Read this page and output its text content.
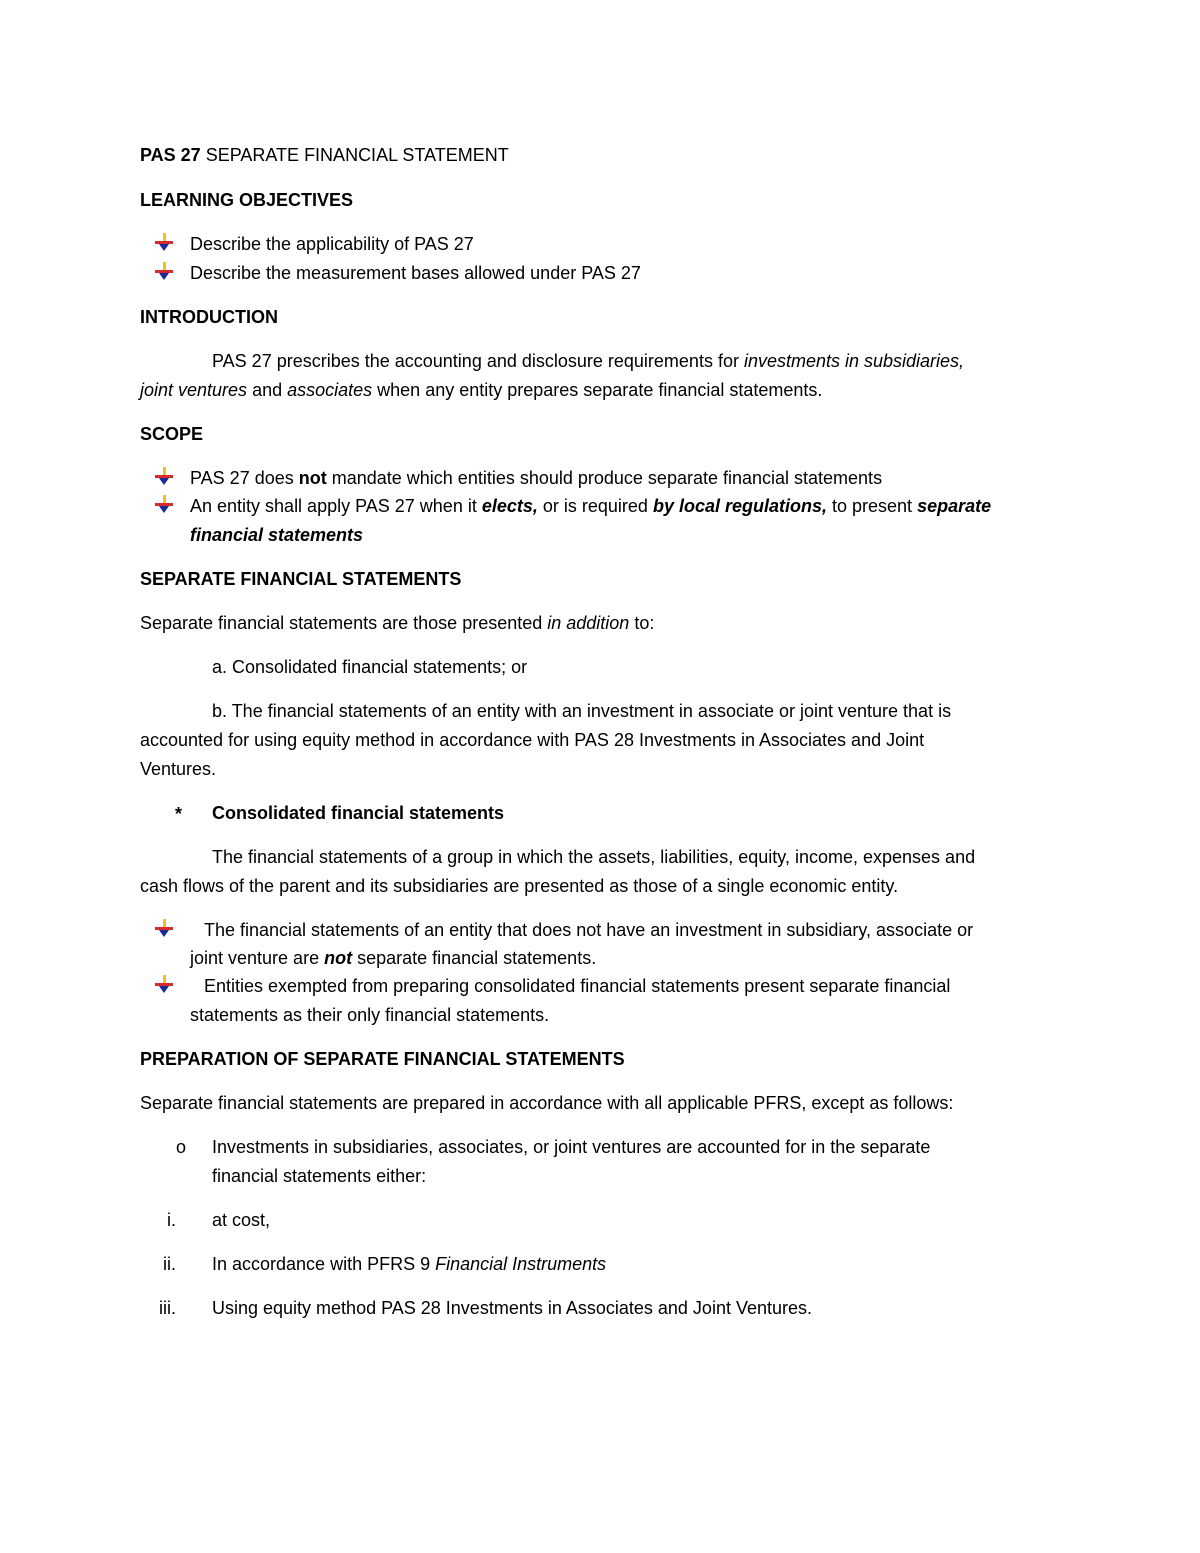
PAS 27 SEPARATE FINANCIAL STATEMENT
LEARNING OBJECTIVES
Describe the applicability of PAS 27
Describe the measurement bases allowed under PAS 27
INTRODUCTION
PAS 27 prescribes the accounting and disclosure requirements for investments in subsidiaries,
joint ventures and associates when any entity prepares separate financial statements.
SCOPE
PAS 27 does not mandate which entities should produce separate financial statements
An entity shall apply PAS 27 when it elects, or is required by local regulations, to present separate
financial statements
SEPARATE FINANCIAL STATEMENTS
Separate financial statements are those presented in addition to:
a. Consolidated financial statements; or
b. The financial statements of an entity with an investment in associate or joint venture that is
accounted for using equity method in accordance with PAS 28 Investments in Associates and Joint
Ventures.
* Consolidated financial statements
The financial statements of a group in which the assets, liabilities, equity, income, expenses and
cash flows of the parent and its subsidiaries are presented as those of a single economic entity.
The financial statements of an entity that does not have an investment in subsidiary, associate or
joint venture are not separate financial statements.
Entities exempted from preparing consolidated financial statements present separate financial
statements as their only financial statements.
PREPARATION OF SEPARATE FINANCIAL STATEMENTS
Separate financial statements are prepared in accordance with all applicable PFRS, except as follows:
o Investments in subsidiaries, associates, or joint ventures are accounted for in the separate
financial statements either:
i. at cost,
ii. In accordance with PFRS 9 Financial Instruments
iii. Using equity method PAS 28 Investments in Associates and Joint Ventures.
